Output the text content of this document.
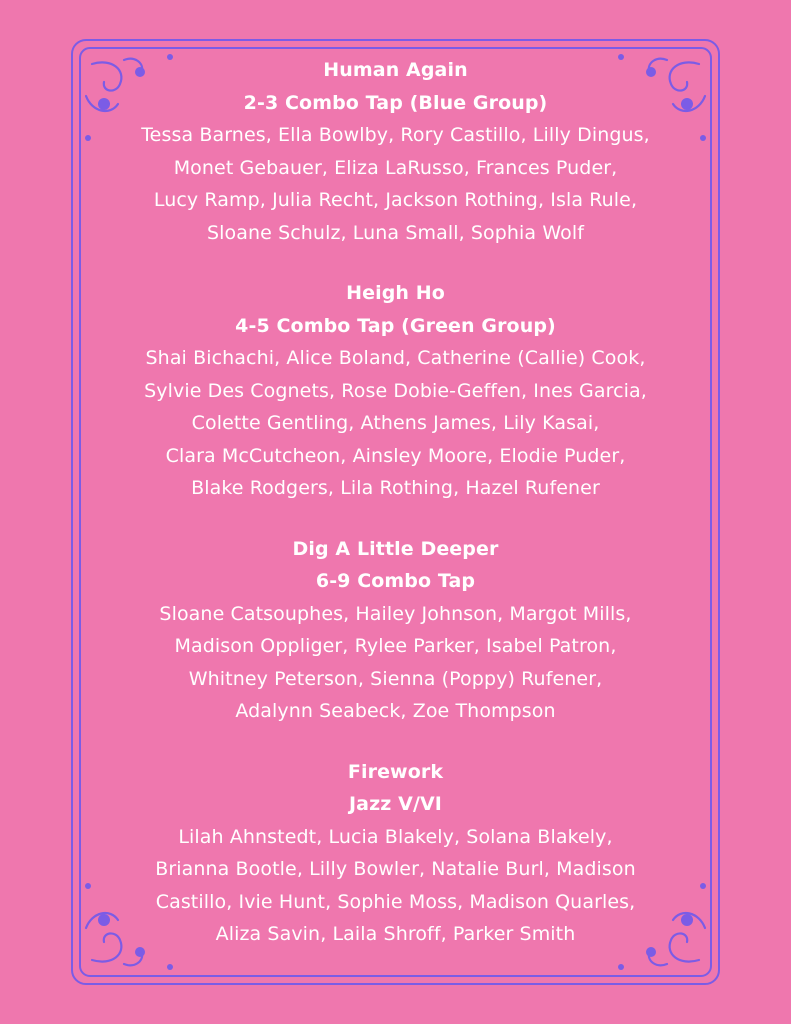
Human Again
2-3 Combo Tap (Blue Group)
Tessa Barnes, Ella Bowlby, Rory Castillo, Lilly Dingus,
Monet Gebauer, Eliza LaRusso, Frances Puder,
Lucy Ramp, Julia Recht, Jackson Rothing, Isla Rule,
Sloane Schulz, Luna Small, Sophia Wolf
Heigh Ho
4-5 Combo Tap (Green Group)
Shai Bichachi, Alice Boland, Catherine (Callie) Cook,
Sylvie Des Cognets, Rose Dobie-Geffen, Ines Garcia,
Colette Gentling, Athens James, Lily Kasai,
Clara McCutcheon, Ainsley Moore, Elodie Puder,
Blake Rodgers, Lila Rothing, Hazel Rufener
Dig A Little Deeper
6-9 Combo Tap
Sloane Catsouphes, Hailey Johnson, Margot Mills,
Madison Oppliger, Rylee Parker, Isabel Patron,
Whitney Peterson, Sienna (Poppy) Rufener,
Adalynn Seabeck, Zoe Thompson
Firework
Jazz V/VI
Lilah Ahnstedt, Lucia Blakely, Solana Blakely,
Brianna Bootle, Lilly Bowler, Natalie Burl, Madison
Castillo, Ivie Hunt, Sophie Moss, Madison Quarles,
Aliza Savin, Laila Shroff, Parker Smith
